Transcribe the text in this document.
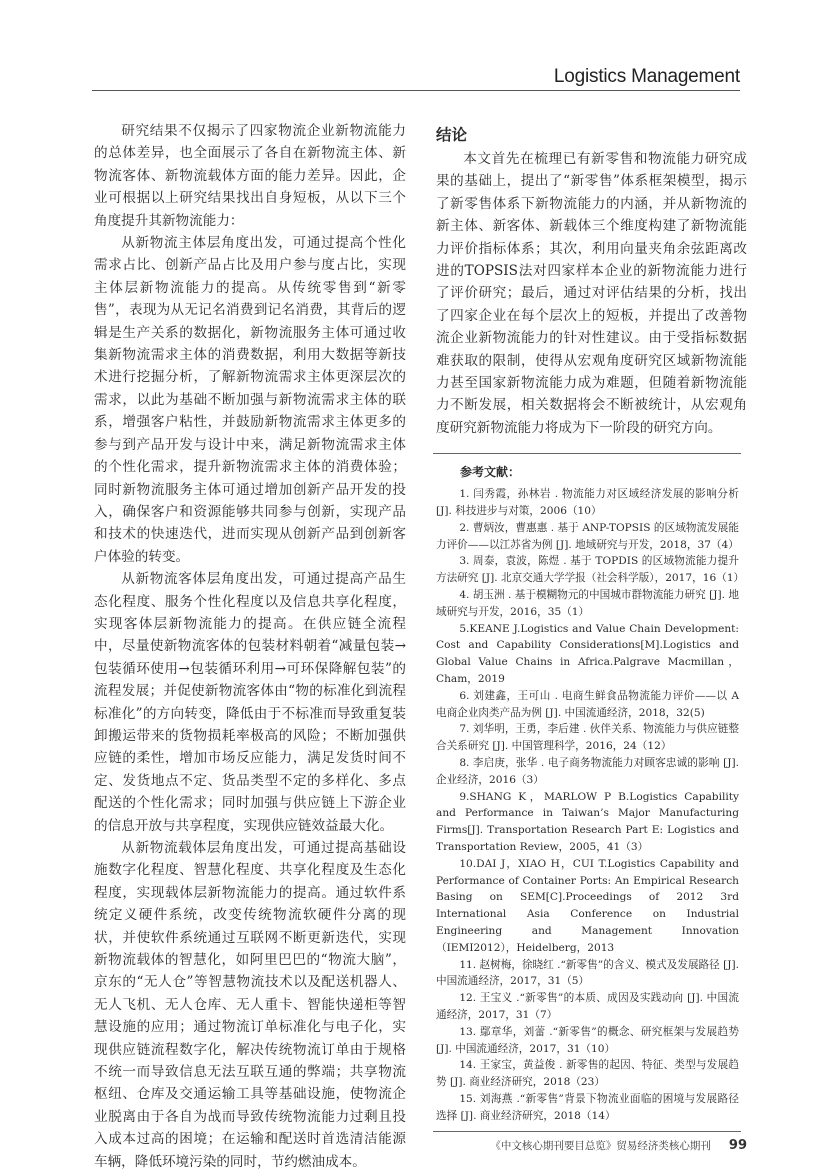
Logistics Management

研究结果不仅揭示了四家物流企业新物流能力的总体差异，也全面展示了各自在新物流主体、新物流客体、新物流载体方面的能力差异。因此，企业可根据以上研究结果找出自身短板，从以下三个角度提升其新物流能力：

从新物流主体层角度出发，可通过提高个性化需求占比、创新产品占比及用户参与度占比，实现主体层新物流能力的提高。从传统零售到“新零售”，表现为从无记名消费到记名消费，其背后的逻辑是生产关系的数据化，新物流服务主体可通过收集新物流需求主体的消费数据，利用大数据等新技术进行挖掘分析，了解新物流需求主体更深层次的需求，以此为基础不断加强与新物流需求主体的联系，增强客户粘性，并鼓励新物流需求主体更多的参与到产品开发与设计中来，满足新物流需求主体的个性化需求，提升新物流需求主体的消费体验；同时新物流服务主体可通过增加创新产品开发的投入，确保客户和资源能够共同参与创新，实现产品和技术的快速迭代，进而实现从创新产品到创新客户体验的转变。

从新物流客体层角度出发，可通过提高产品生态化程度、服务个性化程度以及信息共享化程度，实现客体层新物流能力的提高。在供应链全流程中，尽量使新物流客体的包装材料朝着“减量包装→包装循环使用→包装循环利用→可环保降解包装”的流程发展；并促使新物流客体由“物的标准化到流程标准化”的方向转变，降低由于不标准而导致重复装卸搬运带来的货物损耗率极高的风险；不断加强供应链的柔性，增加市场反应能力，满足发货时间不定、发货地点不定、货品类型不定的多样化、多点配送的个性化需求；同时加强与供应链上下游企业的信息开放与共享程度，实现供应链效益最大化。

从新物流载体层角度出发，可通过提高基础设施数字化程度、智慧化程度、共享化程度及生态化程度，实现载体层新物流能力的提高。通过软件系统定义硬件系统，改变传统物流软硬件分离的现状，并使软件系统通过互联网不断更新迭代，实现新物流载体的智慧化，如阿里巴巴的“物流大脑”，京东的“无人仓”等智慧物流技术以及配送机器人、无人飞机、无人仓库、无人重卡、智能快递柜等智慧设施的应用；通过物流订单标准化与电子化，实现供应链流程数字化，解决传统物流订单由于规格不统一而导致信息无法互联互通的弊端；共享物流枢纽、仓库及交通运输工具等基础设施，使物流企业脱离由于各自为战而导致传统物流能力过剩且投入成本过高的困境；在运输和配送时首选清洁能源车辆，降低环境污染的同时，节约燃油成本。

结论

本文首先在梳理已有新零售和物流能力研究成果的基础上，提出了“新零售”体系框架模型，揭示了新零售体系下新物流能力的内涵，并从新物流的新主体、新客体、新载体三个维度构建了新物流能力评价指标体系；其次，利用向量夹角余弦距离改进的TOPSIS法对四家样本企业的新物流能力进行了评价研究；最后，通过对评估结果的分析，找出了四家企业在每个层次上的短板，并提出了改善物流企业新物流能力的针对性建议。由于受指标数据难获取的限制，使得从宏观角度研究区域新物流能力甚至国家新物流能力成为难题，但随着新物流能力不断发展，相关数据将会不断被统计，从宏观角度研究新物流能力将成为下一阶段的研究方向。

参考文献：

1. 闫秀霞，孙林岩 . 物流能力对区域经济发展的影响分析 [J]. 科技进步与对策，2006（10）

2. 曹炳汝，曹惠惠 . 基于 ANP-TOPSIS 的区域物流发展能力评价——以江苏省为例 [J]. 地域研究与开发，2018，37（4）

3. 周泰，袁波，陈煜 . 基于 TOPDIS 的区域物流能力提升方法研究 [J]. 北京交通大学学报（社会科学版），2017，16（1）

4. 胡玉洲 . 基于模糊物元的中国城市群物流能力研究 [J]. 地域研究与开发，2016，35（1）

5.KEANE J.Logistics and Value Chain Development: Cost and Capability Considerations[M].Logistics and Global Value Chains in Africa.Palgrave Macmillan，Cham，2019

6. 刘建鑫，王可山 . 电商生鲜食品物流能力评价——以 A 电商企业肉类产品为例 [J]. 中国流通经济，2018，32(5)

7. 刘华明，王勇，李后建 . 伙伴关系、物流能力与供应链整合关系研究 [J]. 中国管理科学，2016，24（12）

8. 李启庚，张华 . 电子商务物流能力对顾客忠诚的影响 [J]. 企业经济，2016（3）

9.SHANG K，MARLOW P B.Logistics Capability and Performance in Taiwan’s Major Manufacturing Firms[J]. Transportation Research Part E: Logistics and Transportation Review，2005，41（3）

10.DAI J，XIAO H，CUI T.Logistics Capability and Performance of Container Ports: An Empirical Research Basing on SEM[C].Proceedings of 2012 3rd International Asia Conference on Industrial Engineering and Management Innovation（IEMI2012），Heidelberg，2013

11. 赵树梅，徐晓红 .“新零售”的含义、模式及发展路径 [J]. 中国流通经济，2017，31（5）

12. 王宝义 .“新零售”的本质、成因及实践动向 [J]. 中国流通经济，2017，31（7）

13. 鄢章华，刘蕾 .“新零售”的概念、研究框架与发展趋势 [J]. 中国流通经济，2017，31（10）

14. 王家宝，黄益俊 . 新零售的起因、特征、类型与发展趋势 [J]. 商业经济研究，2018（23）

15. 刘海燕 .“新零售”背景下物流业面临的困境与发展路径选择 [J]. 商业经济研究，2018（14）

《中文核心期刊要目总览》贸易经济类核心期刊 99
